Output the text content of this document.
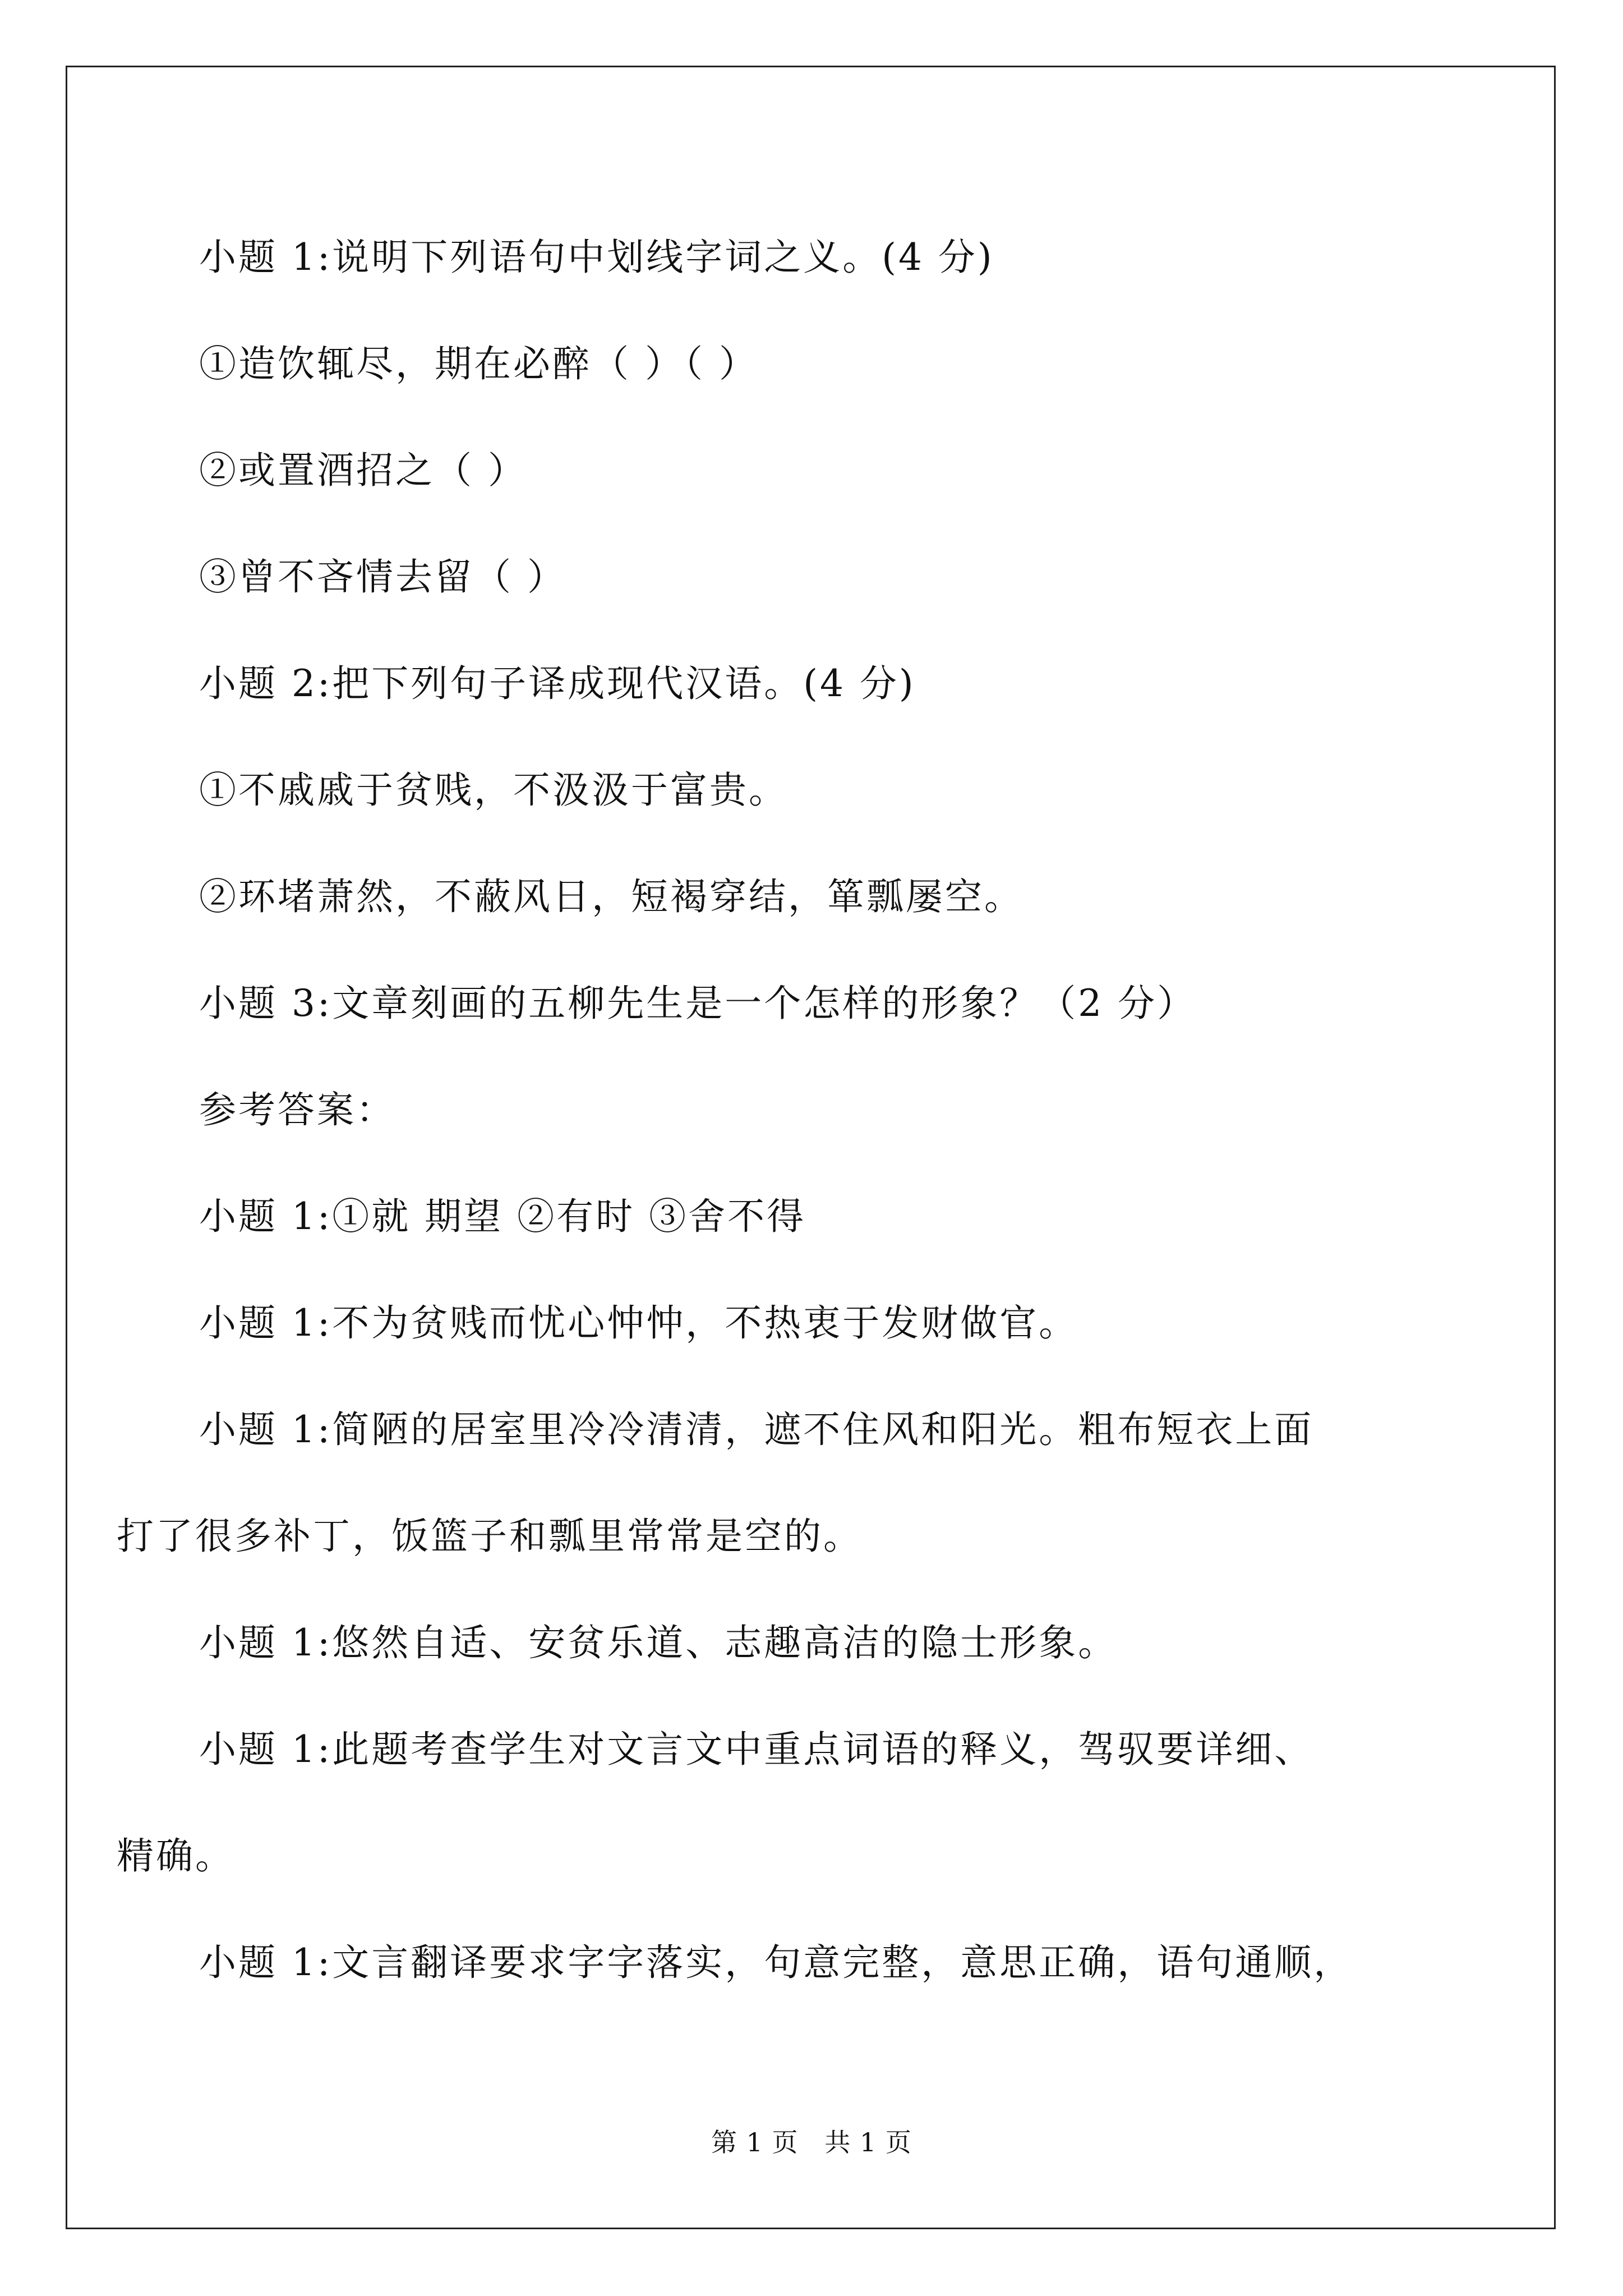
小题 1:说明下列语句中划线字词之义。(4 分)
①造饮辄尽，期在必醉（ ）（ ）
②或置酒招之（ ）
③曾不吝情去留（ ）
小题 2:把下列句子译成现代汉语。(4 分)
①不戚戚于贫贱，不汲汲于富贵。
②环堵萧然，不蔽风日，短褐穿结，箪瓢屡空。
小题 3:文章刻画的五柳先生是一个怎样的形象？（2 分）
参考答案：
小题 1:①就 期望 ②有时 ③舍不得
小题 1:不为贫贱而忧心忡忡，不热衷于发财做官。
小题 1:简陋的居室里冷冷清清，遮不住风和阳光。粗布短衣上面
打了很多补丁，饭篮子和瓢里常常是空的。
小题 1:悠然自适、安贫乐道、志趣高洁的隐士形象。
小题 1:此题考查学生对文言文中重点词语的释义，驾驭要详细、
精确。
小题 1:文言翻译要求字字落实，句意完整，意思正确，语句通顺，
第 1 页   共 1 页
